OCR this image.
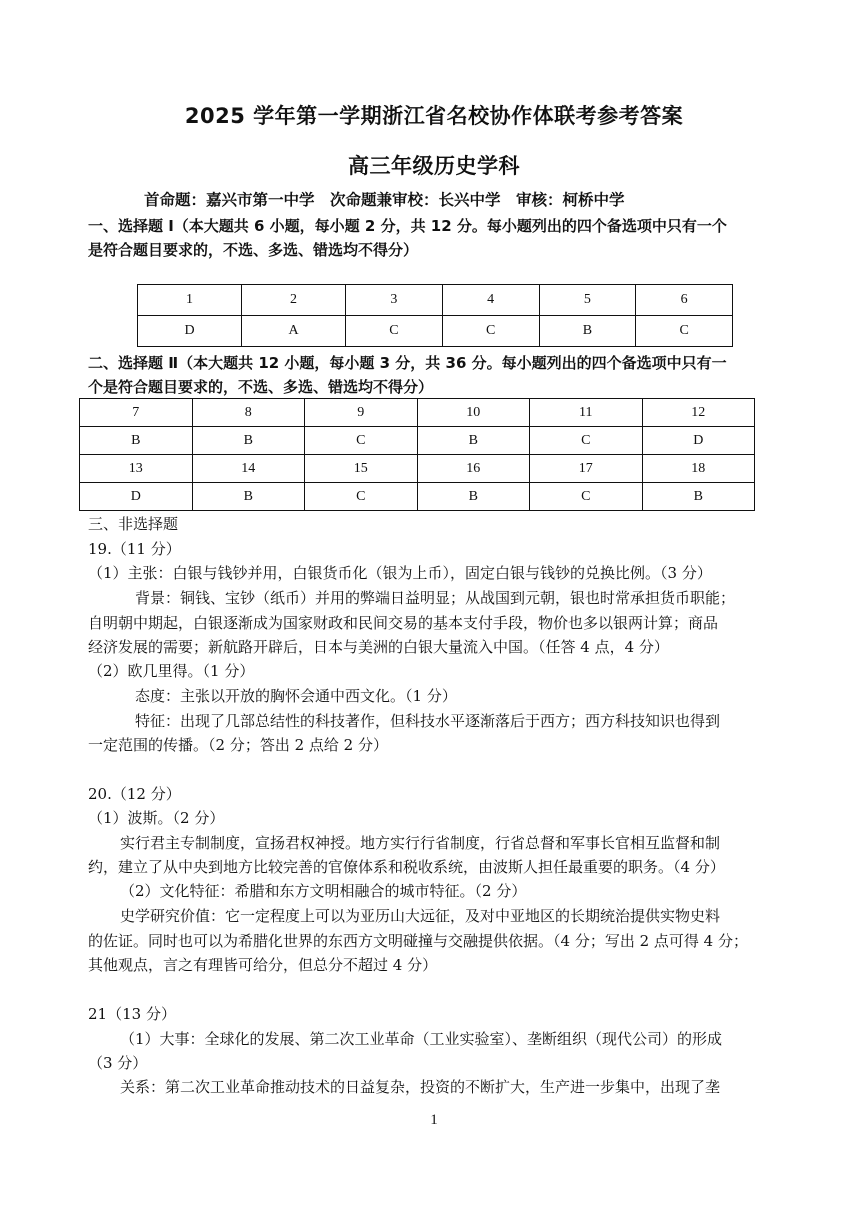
2025 学年第一学期浙江省名校协作体联考参考答案
高三年级历史学科
首命题：嘉兴市第一中学　次命题兼审校：长兴中学　审核：柯桥中学
一、选择题 Ⅰ（本大题共 6 小题，每小题 2 分，共 12 分。每小题列出的四个备选项中只有一个
是符合题目要求的，不选、多选、错选均不得分）
1	2	3	4	5	6
D	A	C	C	B	C
二、选择题 Ⅱ（本大题共 12 小题，每小题 3 分，共 36 分。每小题列出的四个备选项中只有一
个是符合题目要求的，不选、多选、错选均不得分）
7	8	9	10	11	12
B	B	C	B	C	D
13	14	15	16	17	18
D	B	C	B	C	B
三、非选择题
19.（11 分）
（1）主张：白银与钱钞并用，白银货币化（银为上币），固定白银与钱钞的兑换比例。（3 分）
背景：铜钱、宝钞（纸币）并用的弊端日益明显；从战国到元朝，银也时常承担货币职能；
自明朝中期起，白银逐渐成为国家财政和民间交易的基本支付手段，物价也多以银两计算；商品
经济发展的需要；新航路开辟后，日本与美洲的白银大量流入中国。（任答 4 点，4 分）
（2）欧几里得。（1 分）
态度：主张以开放的胸怀会通中西文化。（1 分）
特征：出现了几部总结性的科技著作，但科技水平逐渐落后于西方；西方科技知识也得到
一定范围的传播。（2 分；答出 2 点给 2 分）
20.（12 分）
（1）波斯。（2 分）
实行君主专制制度，宣扬君权神授。地方实行行省制度，行省总督和军事长官相互监督和制
约，建立了从中央到地方比较完善的官僚体系和税收系统，由波斯人担任最重要的职务。（4 分）
（2）文化特征：希腊和东方文明相融合的城市特征。（2 分）
史学研究价值：它一定程度上可以为亚历山大远征，及对中亚地区的长期统治提供实物史料
的佐证。同时也可以为希腊化世界的东西方文明碰撞与交融提供依据。（4 分；写出 2 点可得 4 分；
其他观点，言之有理皆可给分，但总分不超过 4 分）
21（13 分）
（1）大事：全球化的发展、第二次工业革命（工业实验室）、垄断组织（现代公司）的形成
（3 分）
关系：第二次工业革命推动技术的日益复杂，投资的不断扩大，生产进一步集中，出现了垄
1
